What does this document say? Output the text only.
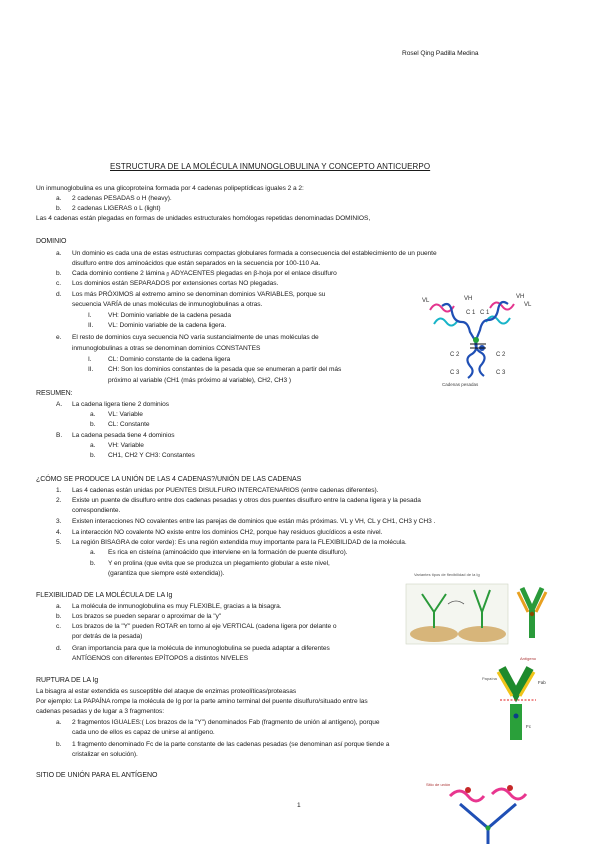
Rosel Qing Padilla Medina
ESTRUCTURA DE LA MOLÉCULA INMUNOGLOBULINA Y CONCEPTO ANTICUERPO
Un inmunoglobulina es una glicoproteína formada por 4 cadenas polipeptídicas iguales 2 a 2:
a. 2 cadenas PESADAS o H (heavy).
b. 2 cadenas LIGERAS o L (light)
Las 4 cadenas están plegadas en formas de unidades estructurales homólogas repetidas denominadas DOMINIOS,
DOMINIO
a. Un dominio es cada una de estas estructuras compactas globulares formada a consecuencia del establecimiento de un puente
disulfuro entre dos aminoácidos que están separados en la secuencia por 100-110 Aa.
b. Cada dominio contiene 2 lámina ᵦ ADYACENTES plegadas en β-hoja por el enlace disulfuro
c. Los dominios están SEPARADOS por extensiones cortas NO plegadas.
d. Los más PRÓXIMOS al extremo amino se denominan dominios VARIABLES, porque su
secuencia VARÍA de unas moléculas de inmunoglobulinas a otras.
I. VH: Dominio variable de la cadena pesada
II. VL: Dominio variable de la cadena ligera.
e. El resto de dominios cuya secuencia NO varía sustancialmente de unas moléculas de
inmunoglobulinas a otras se denominan dominios CONSTANTES
I. CL: Dominio constante de la cadena ligera
II. CH: Son los dominios constantes de la pesada que se enumeran a partir del más
próximo al variable (CH1 (más próximo al variable), CH2, CH3 )
VH	VH
VL
VL
C 1 C 1
C 2	C 2
C 3	C 3
Cadenas pesadas
RESUMEN:
A. La cadena ligera tiene 2 dominios
a. VL: Variable
b. CL: Constante
B. La cadena pesada tiene 4 dominios
a. VH: Variable
b. CH1, CH2 Y CH3: Constantes
¿CÓMO SE PRODUCE LA UNIÓN DE LAS 4 CADENAS?/UNIÓN DE LAS CADENAS
1. Las 4 cadenas están unidas por PUENTES DISULFURO INTERCATENARIOS (entre cadenas diferentes).
2. Existe un puente de disulfuro entre dos cadenas pesadas y otros dos puentes disulfuro entre la cadena ligera y la pesada
correspondiente.
3. Existen interacciones NO covalentes entre las parejas de dominios que están más próximas. VL y VH, CL y CH1, CH3 y CH3 .
4. La interacción NO covalente NO existe entre los dominios CH2, porque hay residuos glucídicos a este nivel.
5. La región BISAGRA de color verde): Es una región extendida muy importante para la FLEXIBILIDAD de la molécula.
a. Es rica en cisteína (aminoácido que interviene en la formación de puente disulfuro).
b. Y en prolina (que evita que se produzca un plegamiento globular a este nivel,
(garantiza que siempre esté extendida)).	Variantes tipos de flexibilidad de la Ig
FLEXIBILIDAD DE LA MOLÉCULA DE LA Ig
a. La molécula de inmunoglobulina es muy FLEXIBLE, gracias a la bisagra.
b. Los brazos se pueden separar o aproximar de la "y"
c. Los brazos de la "Y" pueden ROTAR en torno al eje VERTICAL (cadena ligera por delante o
por detrás de la pesada)
d. Gran importancia para que la molécula de inmunoglobulina se pueda adaptar a diferentes
ANTÍGENOS con diferentes EPÍTOPOS a distintos NIVELES
RUPTURA DE LA Ig
La bisagra al estar extendida es susceptible del ataque de enzimas proteolíticas/proteasas
Por ejemplo: La PAPAÍNA rompe la molécula de Ig por la parte amino terminal del puente disulfuro/situado entre las
cadenas pesadas y de lugar a 3 fragmentos:
a. 2 fragmentos IGUALES:( Los brazos de la "Y") denominados Fab (fragmento de unión al antígeno), porque
cada uno de ellos es capaz de unirse al antígeno.
b. 1 fragmento denominado Fc de la parte constante de las cadenas pesadas (se denominan así porque tiende a
cristalizar en solución).
Antígeno
Papaína
Fab
Fc
SITIO DE UNIÓN PARA EL ANTÍGENO
Sitio de unión
1
